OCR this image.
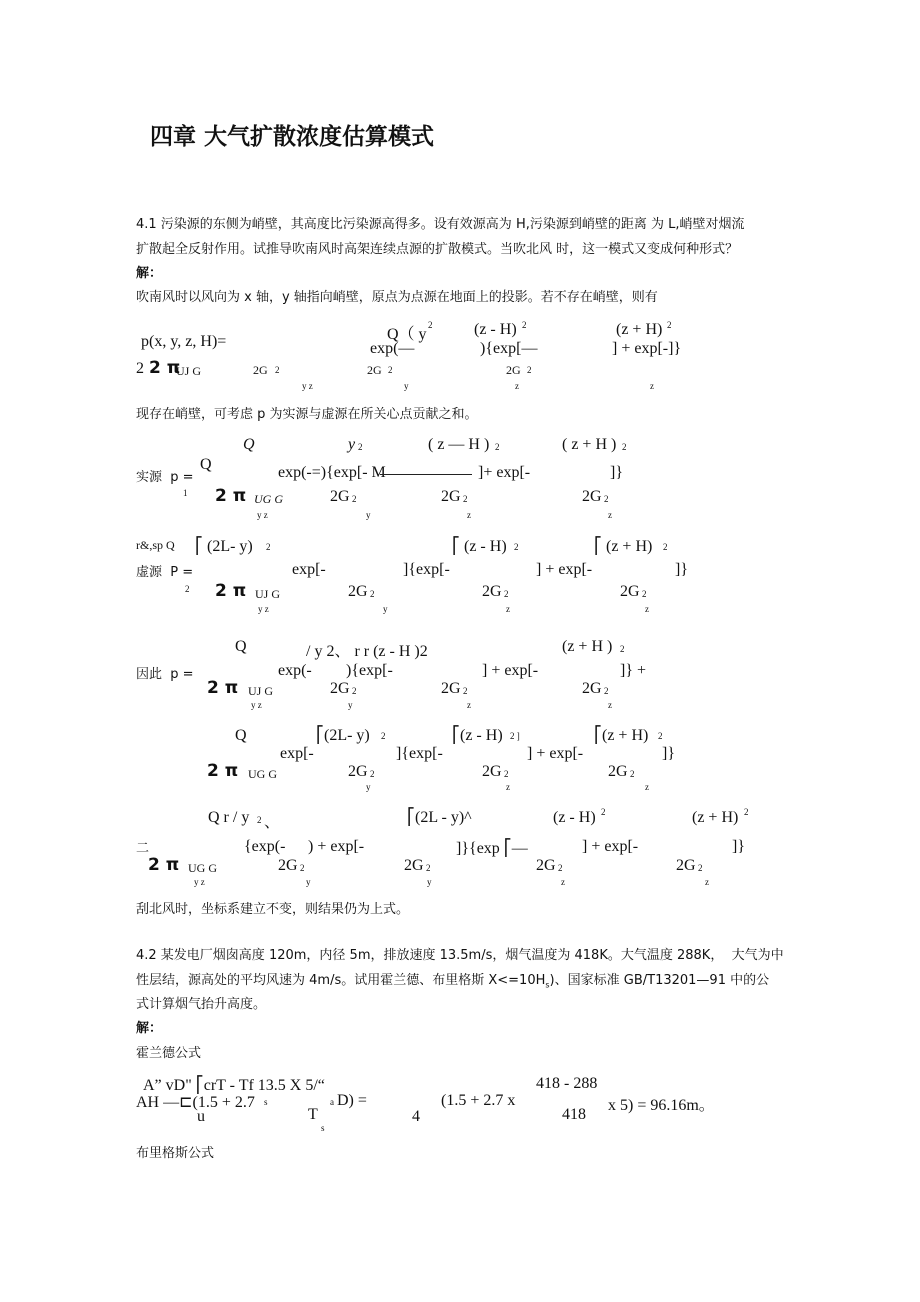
四章 大气扩散浓度估算模式
4.1 污染源的东侧为峭壁，其高度比污染源高得多。设有效源高为 H,污染源到峭壁的距离 为 L,峭壁对烟流
扩散起全反射作用。试推导吹南风时高架连续点源的扩散模式。当吹北风 时，这一模式又变成何种形式？
解：
吹南风时以风向为 x 轴，y 轴指向峭壁，原点为点源在地面上的投影。若不存在峭壁，则有
Q（ y
2	(z - H) 2	(z + H) 2
p(x, y, z, H)=	exp(—	){exp[—	] + exp[-]}
2 2 π
UJ G	2G 2	2G 2	2G 2
y z	y	z	z
现存在峭壁，可考虑 p 为实源与虚源在所关心点贡献之和。
Q	y 2	( z — H ) 2	( z + H ) 2
实源  p =
Q	exp(-=){exp[- M	]+ exp[-	]}
1 2 π UG G	2G 2	2G 2	2G 2
y z	y	z	z
r&,sp Q ⎡ (2L- y) 2	⎡ (z - H) 2	⎡ (z + H) 2
虚源  P =	exp[-	]{exp[-	] + exp[-	]}
2 2 π UJ G	2G 2	2G 2	2G 2
y z	y	z	z
Q	/ y 2、 r r (z - H )2	(z + H ) 2
因此  p =	exp(- ){exp[-	] + exp[-	]} +
2 π UJ G	2G 2	2G 2	2G 2
y z	y	z	z
Q	⎡(2L- y) 2	⎡(z - H) 2 ]	⎡(z + H) 2
exp[-	]{exp[-	] + exp[-	]}
2 π UG G	2G 2	2G 2	2G 2
y	z	z
Q r / y 2 、	⎡(2L - y)^	(z - H) 2	(z + H) 2
二	{exp(- ) + exp[-	]}{exp ⎡—	] + exp[-	]}
2 π UG G	2G 2	2G 2	2G 2	2G 2
y z	y	y	z	z
刮北风时，坐标系建立不变，则结果仍为上式。
4.2 某发电厂烟囱高度 120m，内径 5m，排放速度 13.5m/s，烟气温度为 418K。大气温度 288K，  大气为中
性层结，源高处的平均风速为 4m/s。试用霍兰德、布里格斯 $X<=10H_s$)、国家标准 GB/T13201—91 中的公
式计算烟气抬升高度。
解：
霍兰德公式
A” vD" ⎡crT - Tf 13.5 X 5/“	418 - 288
AH —⊏(1.5 + 2.7 s	a D) =	(1.5 + 2.7 x	x 5) = 96.16m。
u	T	4	418
s
布里格斯公式
